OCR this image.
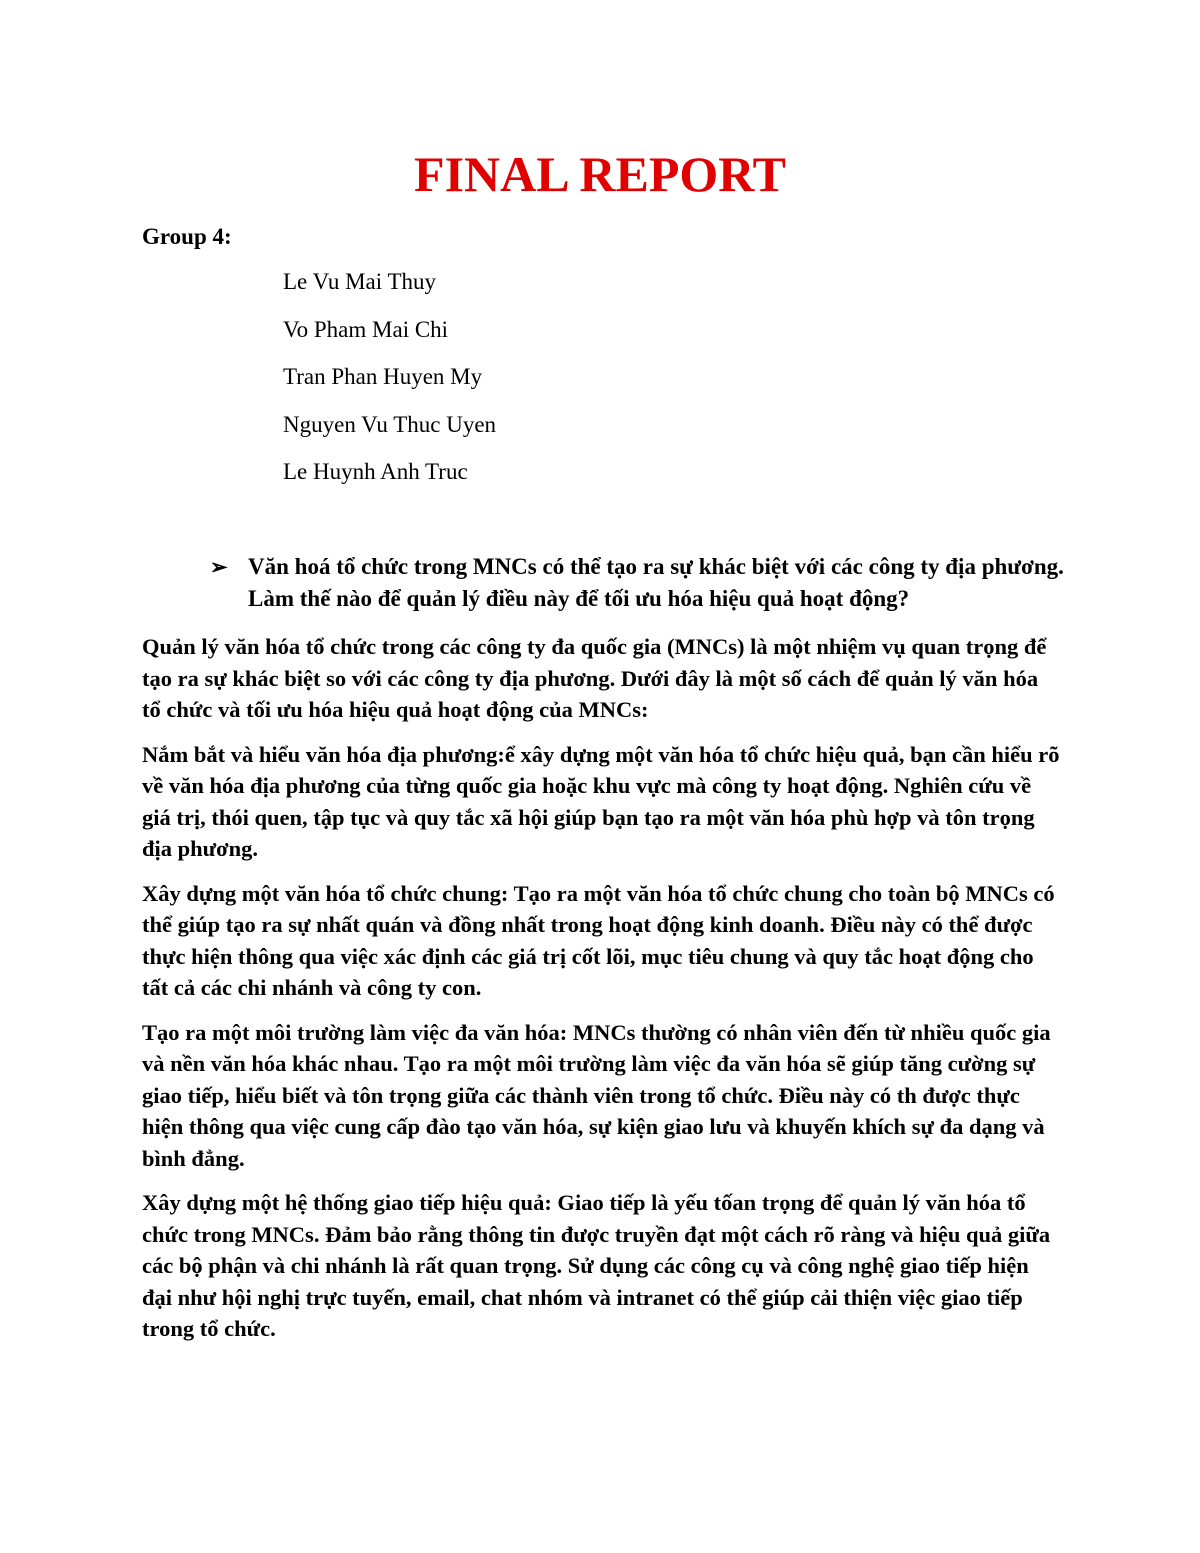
FINAL REPORT
Group 4:
Le Vu Mai Thuy
Vo Pham Mai Chi
Tran Phan Huyen My
Nguyen Vu Thuc Uyen
Le Huynh Anh Truc
➢ Văn hoá tổ chức trong MNCs có thể tạo ra sự khác biệt với các công ty địa phương. Làm thế nào để quản lý điều này để tối ưu hóa hiệu quả hoạt động?

Quản lý văn hóa tổ chức trong các công ty đa quốc gia (MNCs) là một nhiệm vụ quan trọng để tạo ra sự khác biệt so với các công ty địa phương. Dưới đây là một số cách để quản lý văn hóa tổ chức và tối ưu hóa hiệu quả hoạt động của MNCs:

Nắm bắt và hiểu văn hóa địa phương:ể xây dựng một văn hóa tổ chức hiệu quả, bạn cần hiểu rõ về văn hóa địa phương của từng quốc gia hoặc khu vực mà công ty hoạt động. Nghiên cứu về giá trị, thói quen, tập tục và quy tắc xã hội giúp bạn tạo ra một văn hóa phù hợp và tôn trọng địa phương.

Xây dựng một văn hóa tổ chức chung: Tạo ra một văn hóa tổ chức chung cho toàn bộ MNCs có thể giúp tạo ra sự nhất quán và đồng nhất trong hoạt động kinh doanh. Điều này có thể được thực hiện thông qua việc xác định các giá trị cốt lõi, mục tiêu chung và quy tắc hoạt động cho tất cả các chi nhánh và công ty con.

Tạo ra một môi trường làm việc đa văn hóa: MNCs thường có nhân viên đến từ nhiều quốc gia và nền văn hóa khác nhau. Tạo ra một môi trường làm việc đa văn hóa sẽ giúp tăng cường sự giao tiếp, hiểu biết và tôn trọng giữa các thành viên trong tổ chức. Điều này có th được thực hiện thông qua việc cung cấp đào tạo văn hóa, sự kiện giao lưu và khuyến khích sự đa dạng và bình đẳng.

Xây dựng một hệ thống giao tiếp hiệu quả: Giao tiếp là yếu tốan trọng để quản lý văn hóa tổ chức trong MNCs. Đảm bảo rằng thông tin được truyền đạt một cách rõ ràng và hiệu quả giữa các bộ phận và chi nhánh là rất quan trọng. Sử dụng các công cụ và công nghệ giao tiếp hiện đại như hội nghị trực tuyến, email, chat nhóm và intranet có thể giúp cải thiện việc giao tiếp trong tổ chức.
